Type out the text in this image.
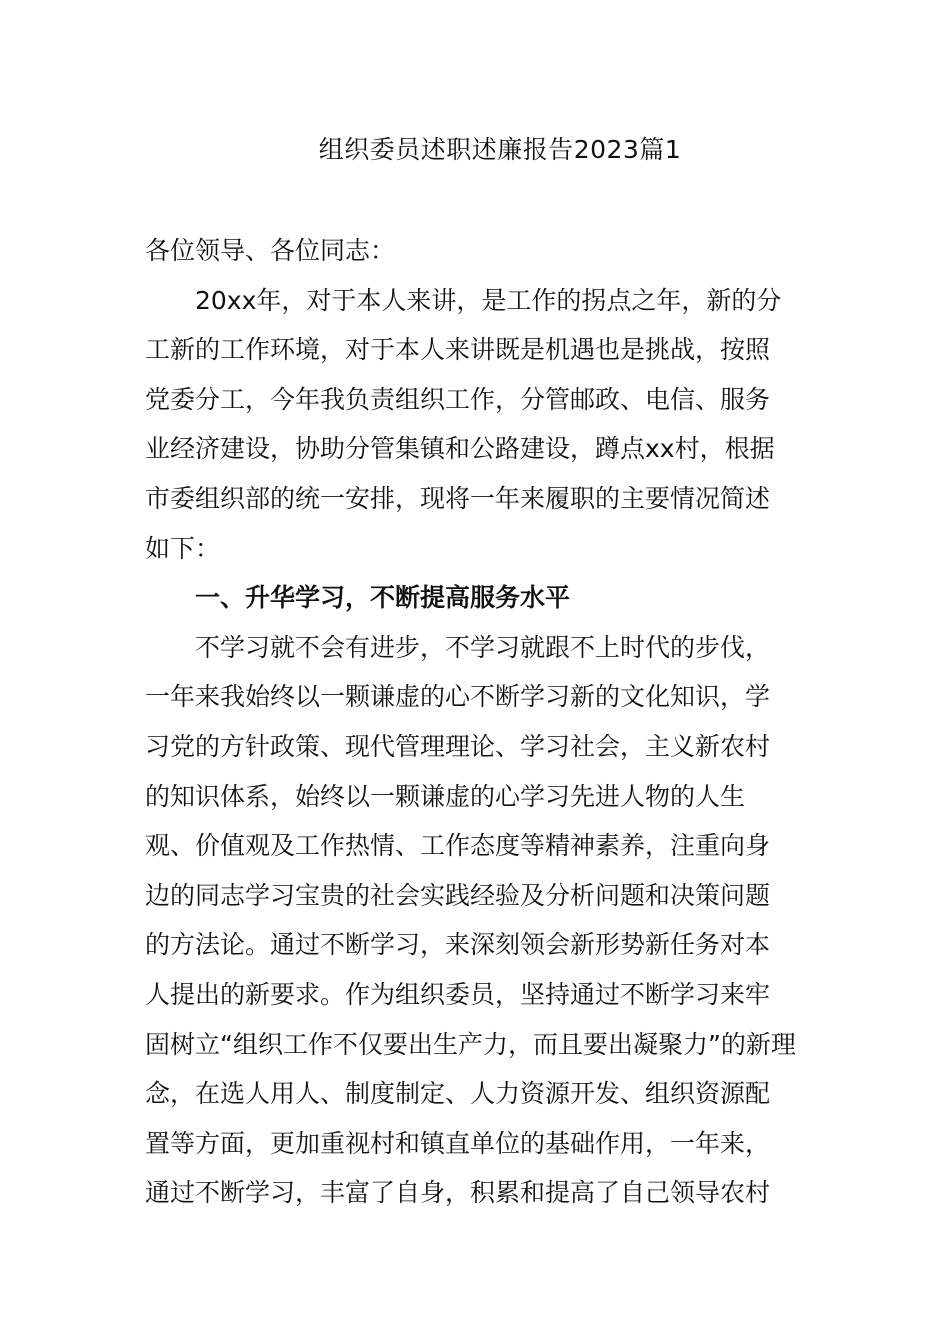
组织委员述职述廉报告2023篇1
各位领导、各位同志：
20xx年，对于本人来讲，是工作的拐点之年，新的分
工新的工作环境，对于本人来讲既是机遇也是挑战，按照
党委分工，今年我负责组织工作，分管邮政、电信、服务
业经济建设，协助分管集镇和公路建设，蹲点xx村，根据
市委组织部的统一安排，现将一年来履职的主要情况简述
如下：
一、升华学习，不断提高服务水平
不学习就不会有进步，不学习就跟不上时代的步伐，
一年来我始终以一颗谦虚的心不断学习新的文化知识，学
习党的方针政策、现代管理理论、学习社会，主义新农村
的知识体系，始终以一颗谦虚的心学习先进人物的人生
观、价值观及工作热情、工作态度等精神素养，注重向身
边的同志学习宝贵的社会实践经验及分析问题和决策问题
的方法论。通过不断学习，来深刻领会新形势新任务对本
人提出的新要求。作为组织委员，坚持通过不断学习来牢
固树立“组织工作不仅要出生产力，而且要出凝聚力”的新理
念，在选人用人、制度制定、人力资源开发、组织资源配
置等方面，更加重视村和镇直单位的基础作用，一年来，
通过不断学习，丰富了自身，积累和提高了自己领导农村
